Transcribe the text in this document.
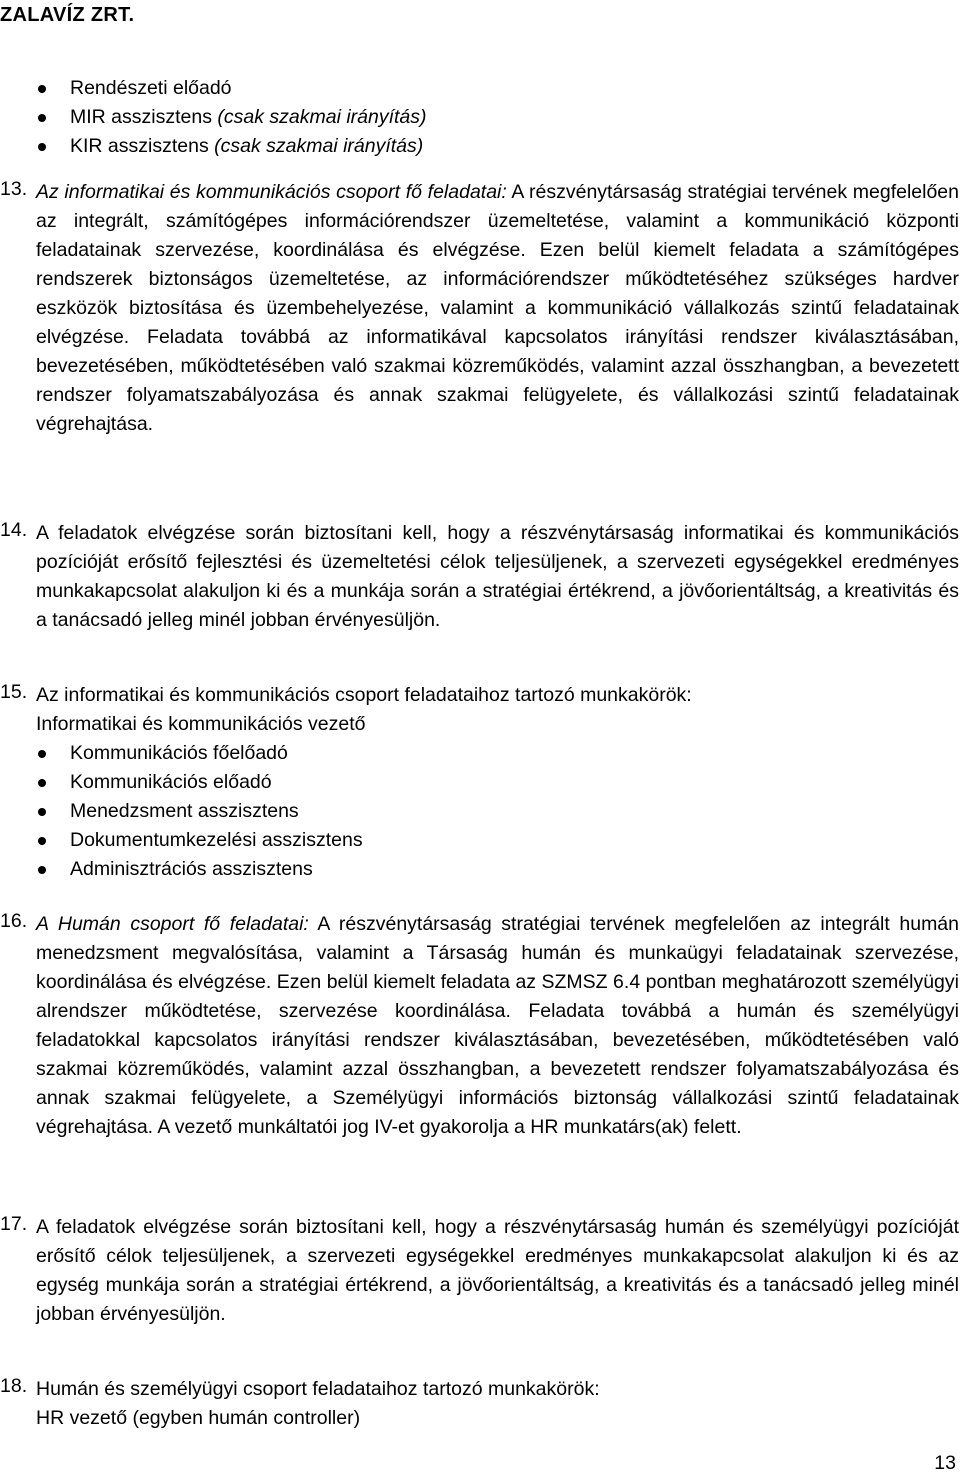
ZALAVÍZ ZRT.
Rendészeti előadó
MIR asszisztens (csak szakmai irányítás)
KIR asszisztens (csak szakmai irányítás)
13. Az informatikai és kommunikációs csoport fő feladatai: A részvénytársaság stratégiai tervének megfelelően az integrált, számítógépes információrendszer üzemeltetése, valamint a kommunikáció központi feladatainak szervezése, koordinálása és elvégzése. Ezen belül kiemelt feladata a számítógépes rendszerek biztonságos üzemeltetése, az információrendszer működtetéséhez szükséges hardver eszközök biztosítása és üzembehelyezése, valamint a kommunikáció vállalkozás szintű feladatainak elvégzése. Feladata továbbá az informatikával kapcsolatos irányítási rendszer kiválasztásában, bevezetésében, működtetésében való szakmai közreműködés, valamint azzal összhangban, a bevezetett rendszer folyamatszabályozása és annak szakmai felügyelete, és vállalkozási szintű feladatainak végrehajtása.

14. A feladatok elvégzése során biztosítani kell, hogy a részvénytársaság informatikai és kommunikációs pozícióját erősítő fejlesztési és üzemeltetési célok teljesüljenek, a szervezeti egységekkel eredményes munkakapcsolat alakuljon ki és a munkája során a stratégiai értékrend, a jövőorientáltság, a kreativitás és a tanácsadó jelleg minél jobban érvényesüljön.

15. Az informatikai és kommunikációs csoport feladataihoz tartozó munkakörök:
Informatikai és kommunikációs vezető
Kommunikációs főelőadó
Kommunikációs előadó
Menedzsment asszisztens
Dokumentumkezelési asszisztens
Adminisztrációs asszisztens
16. A Humán csoport fő feladatai: A részvénytársaság stratégiai tervének megfelelően az integrált humán menedzsment megvalósítása, valamint a Társaság humán és munkaügyi feladatainak szervezése, koordinálása és elvégzése. Ezen belül kiemelt feladata az SZMSZ 6.4 pontban meghatározott személyügyi alrendszer működtetése, szervezése koordinálása. Feladata továbbá a humán és személyügyi feladatokkal kapcsolatos irányítási rendszer kiválasztásában, bevezetésében, működtetésében való szakmai közreműködés, valamint azzal összhangban, a bevezetett rendszer folyamatszabályozása és annak szakmai felügyelete, a Személyügyi információs biztonság vállalkozási szintű feladatainak végrehajtása. A vezető munkáltatói jog IV-et gyakorolja a HR munkatárs(ak) felett.

17. A feladatok elvégzése során biztosítani kell, hogy a részvénytársaság humán és személyügyi pozícióját erősítő célok teljesüljenek, a szervezeti egységekkel eredményes munkakapcsolat alakuljon ki és az egység munkája során a stratégiai értékrend, a jövőorientáltság, a kreativitás és a tanácsadó jelleg minél jobban érvényesüljön.

18. Humán és személyügyi csoport feladataihoz tartozó munkakörök:
HR vezető (egyben humán controller)
13
